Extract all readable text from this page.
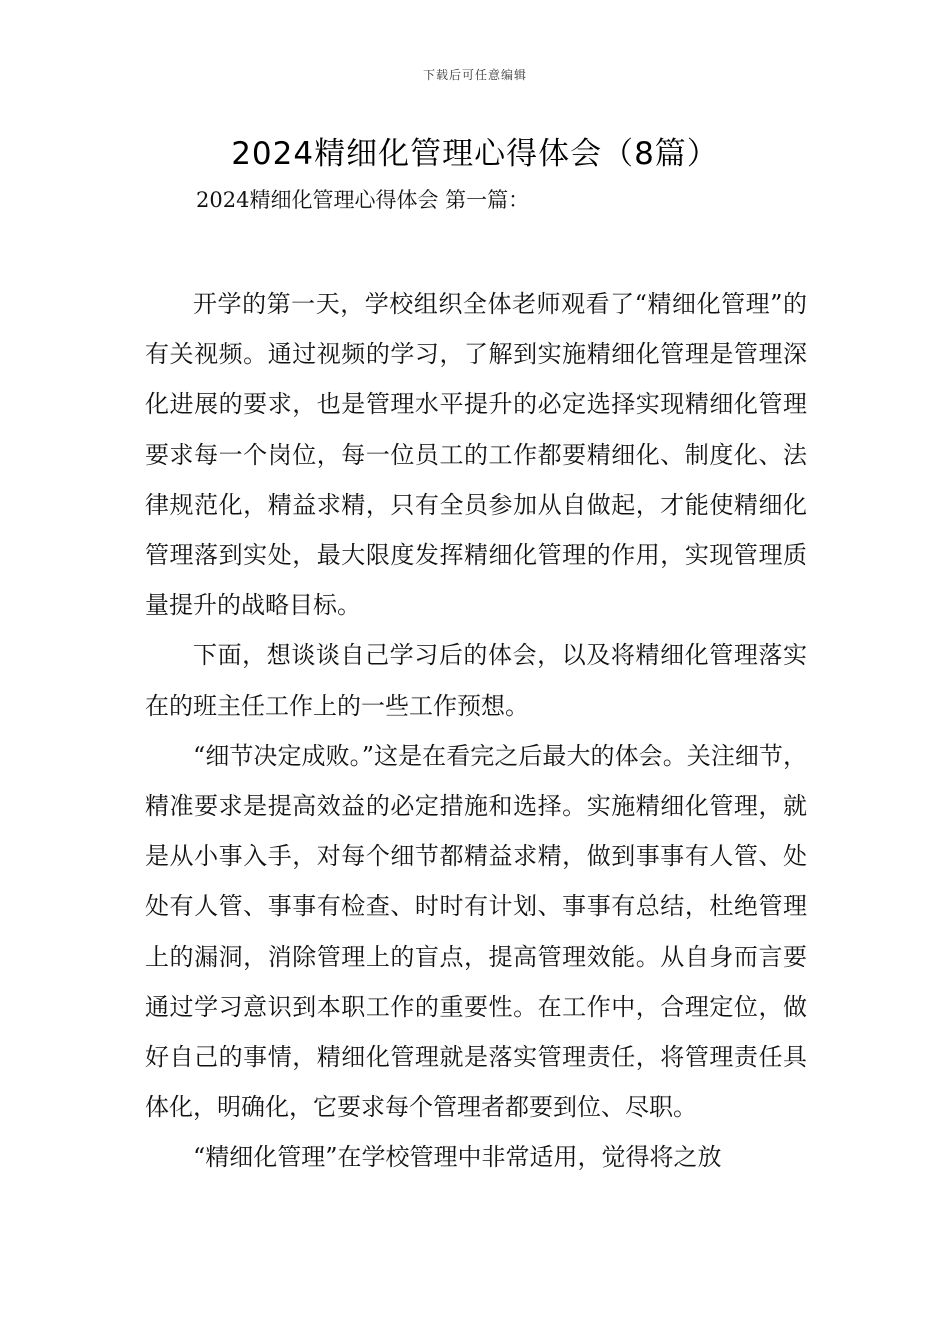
下载后可任意编辑
2024精细化管理心得体会（8篇）
2024精细化管理心得体会 第一篇：

开学的第一天，学校组织全体老师观看了“精细化管理”的有关视频。通过视频的学习，了解到实施精细化管理是管理深化进展的要求，也是管理水平提升的必定选择实现精细化管理要求每一个岗位，每一位员工的工作都要精细化、制度化、法律规范化，精益求精，只有全员参加从自做起，才能使精细化管理落到实处，最大限度发挥精细化管理的作用，实现管理质量提升的战略目标。

下面，想谈谈自己学习后的体会，以及将精细化管理落实在的班主任工作上的一些工作预想。

“细节决定成败。”这是在看完之后最大的体会。关注细节，精准要求是提高效益的必定措施和选择。实施精细化管理，就是从小事入手，对每个细节都精益求精，做到事事有人管、处处有人管、事事有检查、时时有计划、事事有总结，杜绝管理上的漏洞，消除管理上的盲点，提高管理效能。从自身而言要通过学习意识到本职工作的重要性。在工作中，合理定位，做好自己的事情，精细化管理就是落实管理责任，将管理责任具体化，明确化，它要求每个管理者都要到位、尽职。

“精细化管理”在学校管理中非常适用，觉得将之放
